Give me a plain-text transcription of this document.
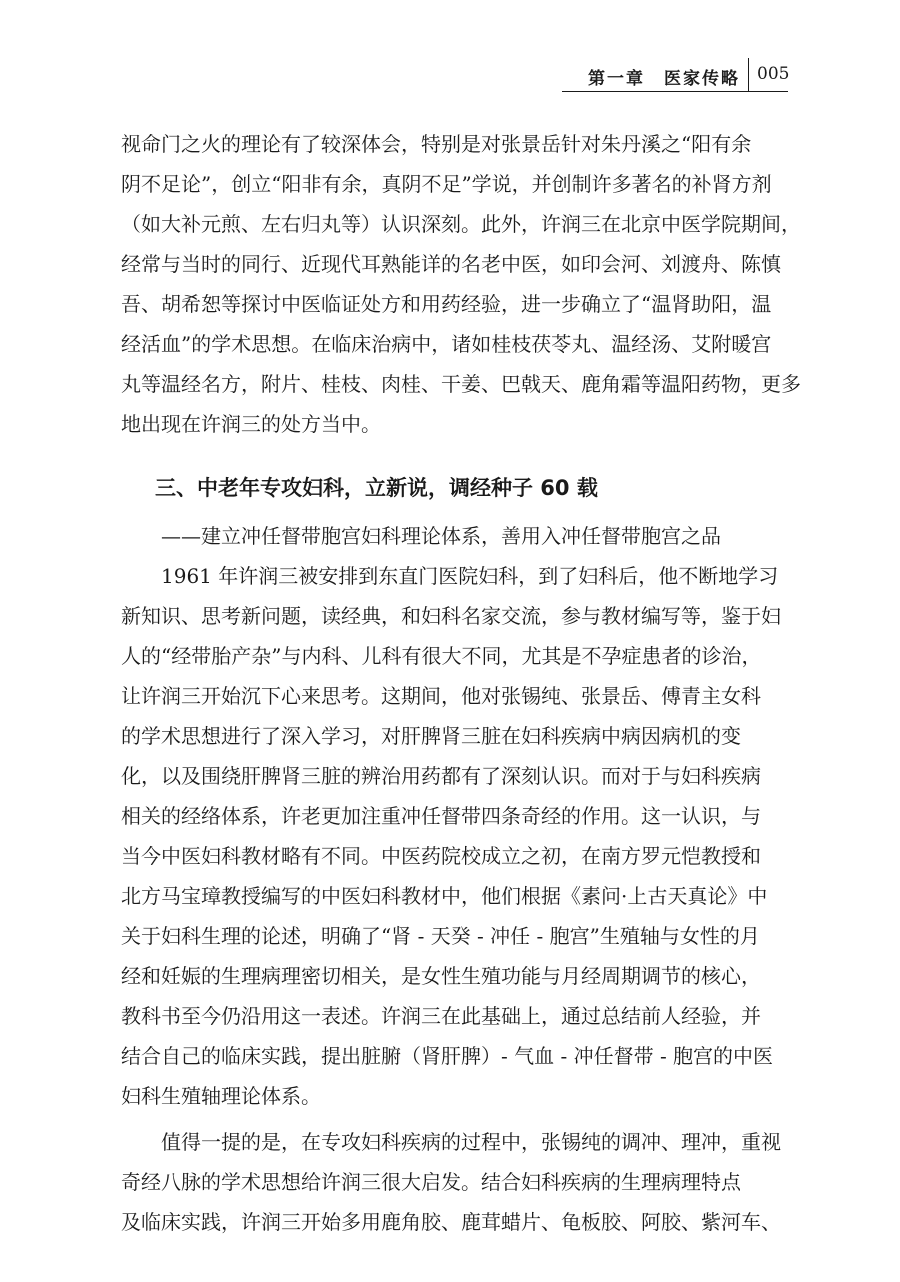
第一章　医家传略 005
视命门之火的理论有了较深体会，特别是对张景岳针对朱丹溪之“阳有余
阴不足论”，创立“阳非有余，真阴不足”学说，并创制许多著名的补肾方剂
（如大补元煎、左右归丸等）认识深刻。此外，许润三在北京中医学院期间，
经常与当时的同行、近现代耳熟能详的名老中医，如印会河、刘渡舟、陈慎
吾、胡希恕等探讨中医临证处方和用药经验，进一步确立了“温肾助阳，温
经活血”的学术思想。在临床治病中，诸如桂枝茯苓丸、温经汤、艾附暖宫
丸等温经名方，附片、桂枝、肉桂、干姜、巴戟天、鹿角霜等温阳药物，更多
地出现在许润三的处方当中。
三、中老年专攻妇科，立新说，调经种子 60 载
——建立冲任督带胞宫妇科理论体系，善用入冲任督带胞宫之品
1961 年许润三被安排到东直门医院妇科，到了妇科后，他不断地学习
新知识、思考新问题，读经典，和妇科名家交流，参与教材编写等，鉴于妇
人的“经带胎产杂”与内科、儿科有很大不同，尤其是不孕症患者的诊治，
让许润三开始沉下心来思考。这期间，他对张锡纯、张景岳、傅青主女科
的学术思想进行了深入学习，对肝脾肾三脏在妇科疾病中病因病机的变
化，以及围绕肝脾肾三脏的辨治用药都有了深刻认识。而对于与妇科疾病
相关的经络体系，许老更加注重冲任督带四条奇经的作用。这一认识，与
当今中医妇科教材略有不同。中医药院校成立之初，在南方罗元恺教授和
北方马宝璋教授编写的中医妇科教材中，他们根据《素问·上古天真论》中
关于妇科生理的论述，明确了“肾 - 天癸 - 冲任 - 胞宫”生殖轴与女性的月
经和妊娠的生理病理密切相关，是女性生殖功能与月经周期调节的核心，
教科书至今仍沿用这一表述。许润三在此基础上，通过总结前人经验，并
结合自己的临床实践，提出脏腑（肾肝脾）- 气血 - 冲任督带 - 胞宫的中医
妇科生殖轴理论体系。
值得一提的是，在专攻妇科疾病的过程中，张锡纯的调冲、理冲，重视
奇经八脉的学术思想给许润三很大启发。结合妇科疾病的生理病理特点
及临床实践，许润三开始多用鹿角胶、鹿茸蜡片、龟板胶、阿胶、紫河车、
